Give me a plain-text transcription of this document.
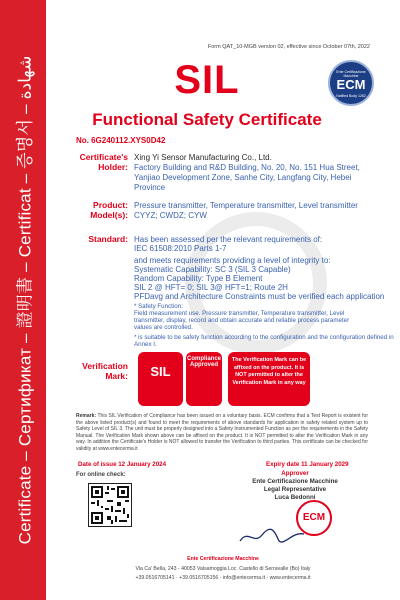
Certificate – Сертификат – 證明書 – Certificat – 증명서 – شهادة
Form QAT_10-MGB version 02, effective since October 07th, 2022
Ente Certificazione Macchine
ECM
Notified Body 1282
SIL
Functional Safety Certificate
No. 6G240112.XYS0D42
Certificate's Holder:
Xing Yi Sensor Manufacturing Co., Ltd.
Factory Building and R&D Building, No. 20, No. 151 Hua Street,
Yanjiao Development Zone, Sanhe City, Langfang City, Hebei
Province
Product: Pressure transmitter, Temperature transmitter, Level transmitter
Model(s): CYYZ; CWDZ; CYW
Standard: Has been assessed per the relevant requirements of:
IEC 61508:2010 Parts 1-7
and meets requirements providing a level of integrity to:
Systematic Capability: SC 3 (SIL 3 Capable)
Random Capability: Type B Element
SIL 2 @ HFT= 0; SIL 3@ HFT=1; Route 2H
PFDavg and Architecture Constraints must be verified each application
* Safety Function:
Field measurement use. Pressure transmitter, Temperature transmitter, Level
transmitter, display, record and obtain accurate and reliable process parameter
values are controlled.
* is suitable to be safety function according to the configuration and the configuration defined in
Annex I.
Verification Mark:	SIL
Compliance Approved
The Verification Mark can be affixed on the product. It is NOT permitted to alter the Verification Mark in any way
Remark: This SIL Verification of Compliance has been issued on a voluntary basis. ECM confirms that a Test Report is existent for the above listed product(s) and found to meet the requirements of above standards for application in safety related system up to Safety Level of SIL 3. The unit must be properly designed into a Safety Instrumented Function as per the requirements in the Safety Manual. The Verification Mark shown above can be affixed on the product. It is NOT permitted to alter the Verification Mark in any way. In addition the Certificate's Holder is NOT allowed to transfer the Verification to third parties. This certificate can be checked for validity at www.entecerma.it
Date of issue 12 January 2024	Expiry date 11 January 2029
For online check:	Approver
Ente Certificazione Macchine
Legal Representative
Luca Bedonni
ECM
Ente Certificazione Macchine
Via Ca' Bella, 243 - 40053 Valsamoggia Loc. Castello di Serravalle (Bo) Italy
+39.0516705141 · +39.0516705156 · info@entecerma.it · www.entecerma.it
